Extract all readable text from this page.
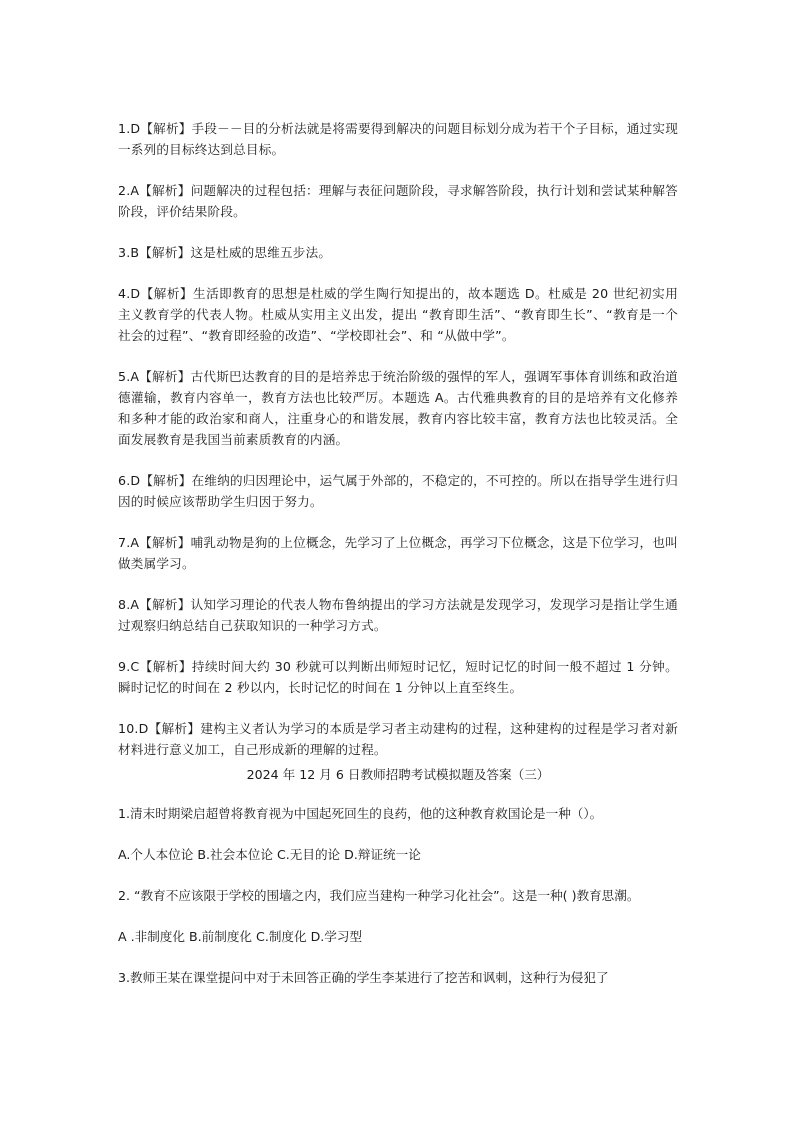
1.D【解析】手段－－目的分析法就是将需要得到解决的问题目标划分成为若干个子目标，通过实现一系列的目标终达到总目标。

2.A【解析】问题解决的过程包括：理解与表征问题阶段，寻求解答阶段，执行计划和尝试某种解答阶段，评价结果阶段。

3.B【解析】这是杜威的思维五步法。

4.D【解析】生活即教育的思想是杜威的学生陶行知提出的，故本题选 D。杜威是 20 世纪初实用主义教育学的代表人物。杜威从实用主义出发，提出 “教育即生活”、“教育即生长”、“教育是一个社会的过程”、“教育即经验的改造”、“学校即社会”、和 “从做中学”。

5.A【解析】古代斯巴达教育的目的是培养忠于统治阶级的强悍的军人，强调军事体育训练和政治道德灌输，教育内容单一，教育方法也比较严厉。本题选 A。古代雅典教育的目的是培养有文化修养和多种才能的政治家和商人，注重身心的和谐发展，教育内容比较丰富，教育方法也比较灵活。全面发展教育是我国当前素质教育的内涵。

6.D【解析】在维纳的归因理论中，运气属于外部的，不稳定的，不可控的。所以在指导学生进行归因的时候应该帮助学生归因于努力。

7.A【解析】哺乳动物是狗的上位概念，先学习了上位概念，再学习下位概念，这是下位学习，也叫做类属学习。

8.A【解析】认知学习理论的代表人物布鲁纳提出的学习方法就是发现学习，发现学习是指让学生通过观察归纳总结自己获取知识的一种学习方式。

9.C【解析】持续时间大约 30 秒就可以判断出师短时记忆，短时记忆的时间一般不超过 1 分钟。瞬时记忆的时间在 2 秒以内，长时记忆的时间在 1 分钟以上直至终生。

10.D【解析】建构主义者认为学习的本质是学习者主动建构的过程，这种建构的过程是学习者对新材料进行意义加工，自己形成新的理解的过程。

2024 年 12 月 6 日教师招聘考试模拟题及答案（三）

1.清末时期梁启超曾将教育视为中国起死回生的良药，他的这种教育救国论是一种（）。

A.个人本位论 B.社会本位论 C.无目的论 D.辩证统一论

2. “教育不应该限于学校的围墙之内，我们应当建构一种学习化社会”。这是一种( )教育思潮。

A .非制度化 B.前制度化 C.制度化 D.学习型

3.教师王某在课堂提问中对于未回答正确的学生李某进行了挖苦和讽刺，这种行为侵犯了
